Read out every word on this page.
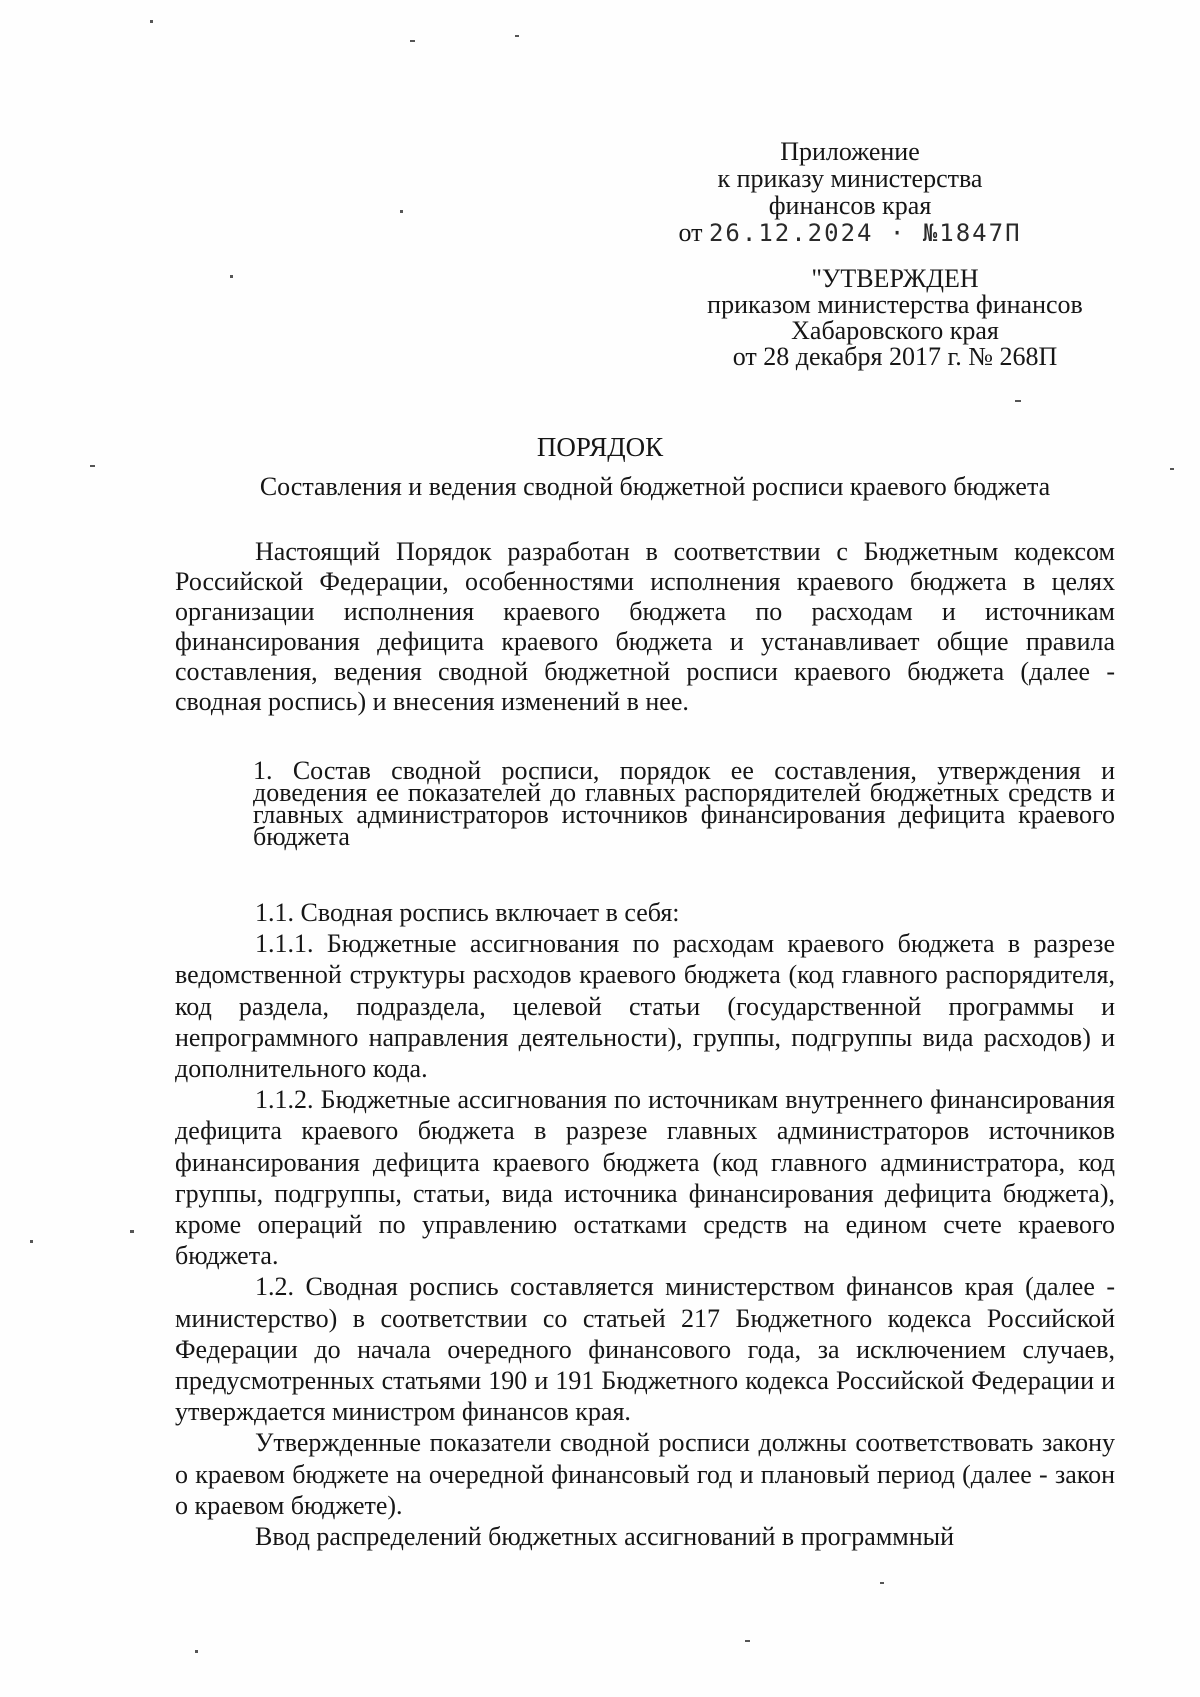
Приложение
к приказу министерства
финансов края
от 26.12.2024 · №1847П
"УТВЕРЖДЕН
приказом министерства финансов
Хабаровского края
от 28 декабря 2017 г. № 268П
ПОРЯДОК
Составления и ведения сводной бюджетной росписи краевого бюджета

Настоящий Порядок разработан в соответствии с Бюджетным кодексом Российской Федерации, особенностями исполнения краевого бюджета в целях организации исполнения краевого бюджета по расходам и источникам финансирования дефицита краевого бюджета и устанавливает общие правила составления, ведения сводной бюджетной росписи краевого бюджета (далее - сводная роспись) и внесения изменений в нее.

1. Состав сводной росписи, порядок ее составления, утверждения и доведения ее показателей до главных распорядителей бюджетных средств и главных администраторов источников финансирования дефицита краевого бюджета

1.1. Сводная роспись включает в себя:

1.1.1. Бюджетные ассигнования по расходам краевого бюджета в разрезе ведомственной структуры расходов краевого бюджета (код главного распорядителя, код раздела, подраздела, целевой статьи (государственной программы и непрограммного направления деятельности), группы, подгруппы вида расходов) и дополнительного кода.

1.1.2. Бюджетные ассигнования по источникам внутреннего финансирования дефицита краевого бюджета в разрезе главных администраторов источников финансирования дефицита краевого бюджета (код главного администратора, код группы, подгруппы, статьи, вида источника финансирования дефицита бюджета), кроме операций по управлению остатками средств на едином счете краевого бюджета.

1.2. Сводная роспись составляется министерством финансов края (далее - министерство) в соответствии со статьей 217 Бюджетного кодекса Российской Федерации до начала очередного финансового года, за исключением случаев, предусмотренных статьями 190 и 191 Бюджетного кодекса Российской Федерации и утверждается министром финансов края.

Утвержденные показатели сводной росписи должны соответствовать закону о краевом бюджете на очередной финансовый год и плановый период (далее - закон о краевом бюджете).

Ввод распределений бюджетных ассигнований в программный
